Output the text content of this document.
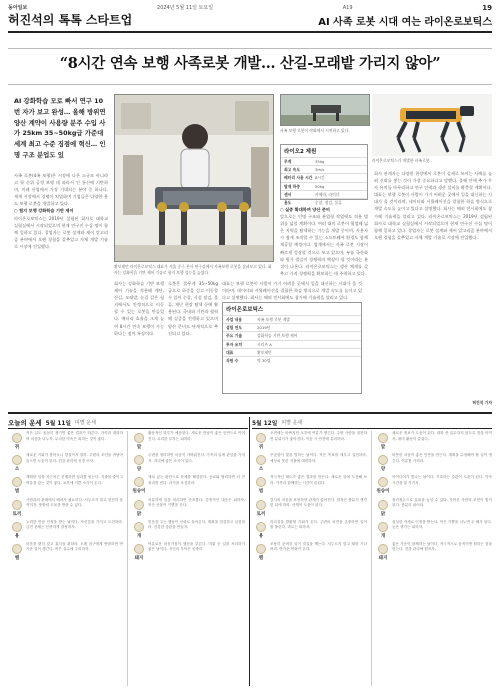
동아일보	2024년 5월 11일 토요일	A19	19
허진석의 톡톡 스타트업	AI 사족 로봇 시대 여는 라이온로보틱스
“8시간 연속 보행 사족로봇 개발… 산길-모래밭 가리지 않아”
AI 강화학습 모로 빠서 연구 10번 자가 보고 완성… 올해 방위연 양산 계약이 사용량 분주 수입 사가 25km 35~50kg급 가준대 세계 최고 수준 징점에 혁신… 인명 구조 분업도 있
사족 보행 로봇이 야외에서 시연하고 있다.
라이온로보틱스가 개발한 사족로봇.
라이오2 제원
무게	35kg
최고 속도	3m/s
배터리 사용 시간 8시간
탑재 하중	50kg
센서	카메라, 라이다
용도	순찰, 점검, 물류
황보제민 라이온로보틱스 대표가 서울 중구 본사 연구실에서 사족보행 로봇을 살펴보고 있다. 회사는 강화학습 기반 제어 기술로 험지 보행 성능을 높였다.
사족 로봇(4족 보행)은 시장에 나온 소규모 아니라고 학 순위 공정 보행 데 따라서 인 통신에 기반하며, 미래 산업에서 가장 기대되는 분야 중 하나다. 세계 시장에서 경쟁이 치열하며 기업들은 다양한 용도 보행 로봇을 개발하고 있다.
○ 험지 보행 강화학습 기반 제어
라이온로보틱스는 2019년 설립된 회사로 대학교 실험실에서 시작되었으며 현재 연구진 수십 명이 함께 일하고 있다. 창업자는 로봇 설계와 제어 알고리즘 분야에서 오랜 경험을 갖추었고 자체 개발 기술로 시장에 진입했다.
회사는 강화학습 기반 보행 제어 기술을 적용해 계단, 산길, 모래밭, 눈길 같은 험지에서도 안정적으로 이동할 수 있는 로봇을 만들었다. 배터리 효율을 크게 높여 8시간 연속 보행이 가능하다는 점이 특징이다.
로봇은 몸무게 35~50kg급으로 하중을 싣고 이동할 수 있어 순찰, 시설 점검, 물류, 재난 현장 탐색 등에 활용된다. 국내외 기관과 협력해 실증을 진행하고 있으며 양산 준비도 단계적으로 추진되고 있다.
라이온로보틱스
사업 내용	사족 보행 로봇 개발
설립 연도	2019년
주요 기술	강화학습 기반 보행 제어
투자 유치	시리즈 A
대표	황보제민
직원 수	약 30명
대표는 보행 로봇이 사람이 가기 어려운 곳에서 일을 대신하는 시대가 올 것이라며, 데이터와 시뮬레이션을 결합한 학습 방식으로 개발 속도를 높이고 있다고 설명했다. 회사는 해외 전시회에도 참가해 기술력을 알리고 있다.
○ 실증 확대하며 양산 준비
앞으로는 인명 구조와 분업형 작업에도 적용 범위를 넓힐 계획이다. 여러 대의 로봇이 협업해 넓은 지역을 탐색하는 기능을 개발 중이며, 사용자가 쉽게 조작할 수 있는 소프트웨어 환경도 함께 제공할 예정이다. 업계에서는 사족 로봇 시장이 빠르게 성장할 것으로 보고 있으며, 부품 국산화와 원가 절감이 경쟁력의 핵심이 될 것이라는 분석이 나온다. 라이온로보틱스는 생산 체계를 갖추고 가격 경쟁력을 확보하는 데 주력하고 있다.
회사 관계자는 다양한 현장에서 로봇이 실제로 쓰이는 사례를 늘려 신뢰를 쌓는 것이 가장 중요하다고 말했다. 올해 안에 추가 투자 유치를 마무리하고 연구 인력과 생산 설비를 확충할 계획이다. 대표는 보행 로봇이 사람이 가기 어려운 곳에서 일을 대신하는 시대가 올 것이라며, 데이터와 시뮬레이션을 결합한 학습 방식으로 개발 속도를 높이고 있다고 설명했다. 회사는 해외 전시회에도 참가해 기술력을 알리고 있다. 라이온로보틱스는 2019년 설립된 회사로 대학교 실험실에서 시작되었으며 현재 연구진 수십 명이 함께 일하고 있다. 창업자는 로봇 설계와 제어 알고리즘 분야에서 오랜 경험을 갖추었고 자체 개발 기술로 시장에 진입했다.
허진석 기자
오늘의 운세 5월 11일 띠별 운세	5월 12일 띠별 운세
쥐
작은 일도 꼼꼼히 챙기면 좋은 결과가 따른다. 가족과 대화하며 마음을 나누자. 무리한 약속은 피하는 것이 좋다.
소
새로운 기회가 찾아오니 망설이지 말라. 주변의 조언을 귀담아 들으면 도움이 된다. 건강 관리에 신경 쓰자.
범
계획한 일을 차근차근 진행하면 성과를 얻는다. 지출을 줄이고 여유를 갖는 것이 좋다. 오후에 기쁜 소식이 온다.
토끼
사람과의 관계에서 배려가 필요하다. 서두르지 말고 천천히 움직이자. 뜻밖의 도움을 받을 수 있다.
용
노력한 만큼 인정을 받는 날이다. 자신감을 가지고 도전하라. 금전 문제는 신중하게 결정하자.
뱀
마음을 편히 갖고 휴식을 취하라. 오랜 친구에게 연락하면 반가운 일이 생긴다. 작은 실수에 주의하자.
말
활동적인 하루가 예상된다. 새로운 만남이 좋은 인연으로 이어진다. 무리한 투자는 피하라.
양
주변을 정리하면 마음이 가벼워진다. 가족의 일에 관심을 가지자. 저녁에 좋은 소식이 있다.
원숭이
재치 있는 판단으로 문제를 해결한다. 동료와 협력하면 더 큰 성과를 낸다. 과식을 조심하라.
닭
차분하게 일을 처리하면 순조롭다. 감정적인 대응은 피하자. 작은 선물이 기쁨을 준다.
개
믿음을 주는 행동이 신뢰로 돌아온다. 계획을 점검하고 실천하라. 건강한 습관을 만들자.
돼지
여유로운 마음가짐이 행운을 부른다. 미뤄 둔 일을 처리하기 좋은 날이다. 지인의 부탁은 신중히.
쥐
오전에는 바쁘지만 오후에 여유가 생긴다. 주변 사람을 칭찬하면 분위기가 좋아진다. 이동 시 안전에 유의하라.
소
꾸준함이 빛을 발하는 날이다. 작은 목표를 세우고 실천하라. 예상치 못한 지출에 대비하자.
범
적극적인 태도가 좋은 결과를 만든다. 새로운 일에 도전해 보라. 가족과 함께하는 시간이 즐겁다.
토끼
감사의 마음을 표현하면 관계가 좋아진다. 결정은 충분히 생각한 뒤에 하라. 산책이 도움이 된다.
용
리더십을 발휘할 기회가 온다. 주변의 의견을 존중하면 일이 잘 풀린다. 과로는 피하자.
뱀
조용히 준비한 일이 결실을 맺는다. 서두르지 말고 때를 기다려라. 반가운 연락이 온다.
말
새로운 정보가 도움이 된다. 대화 중 실수하지 않도록 말을 아끼자. 취미 활동이 즐겁다.
양
따뜻한 마음이 좋은 인연을 만든다. 계획을 수정해야 할 일이 생긴다. 여유를 가져라.
원숭이
아이디어가 빛나는 날이다. 기록하는 습관이 도움이 된다. 약속 시간을 잘 지키자.
닭
정리정돈으로 효율을 높일 수 있다. 가까운 사람의 조언이 힘이 된다. 충분히 쉬어라.
개
성실한 자세로 인정을 받는다. 작은 기쁨을 나누면 두 배가 된다. 늦은 귀가는 피하자.
돼지
좋은 기운이 함께하는 날이다. 적극적으로 움직이면 원하는 것을 얻는다. 건강 관리에 힘쓰자.
